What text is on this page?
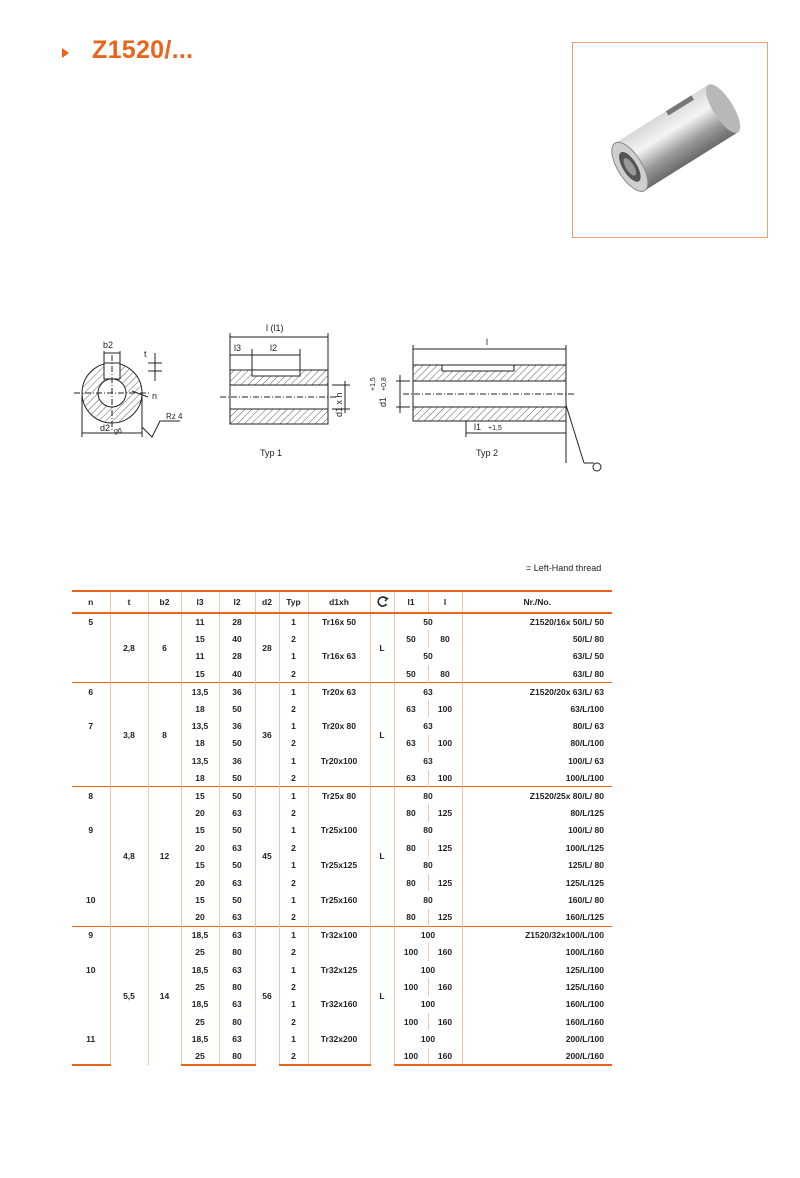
Z1520/...
b2
t
n
Rz 4
d2 g6
l (l1)
l3	l2
d1 x h
Typ 1
l
+1,5
d1
+0,8
l1 +1,5
Typ 2
= Left-Hand thread
n	t	b2	l3	l2	d2	Typ	d1xh		l1	l	Nr./No.
5	2,8	6	11	28	28	1	Tr16x 50	L	50		Z1520/16x 50/L/ 50
			15	40		2			50	80	50/L/ 80
			11	28		1	Tr16x 63		50		63/L/ 50
			15	40		2			50	80	63/L/ 80
6	3,8	8	13,5	36	36	1	Tr20x 63	L	63		Z1520/20x 63/L/ 63
			18	50		2			63	100	63/L/100
7			13,5	36		1	Tr20x 80		63		80/L/ 63
			18	50		2			63	100	80/L/100
			13,5	36		1	Tr20x100		63		100/L/ 63
			18	50		2			63	100	100/L/100
8	4,8	12	15	50	45	1	Tr25x 80	L	80		Z1520/25x 80/L/ 80
			20	63		2			80	125	80/L/125
9			15	50		1	Tr25x100		80		100/L/ 80
			20	63		2			80	125	100/L/125
			15	50		1	Tr25x125		80		125/L/ 80
			20	63		2			80	125	125/L/125
10			15	50		1	Tr25x160		80		160/L/ 80
			20	63		2			80	125	160/L/125
9	5,5	14	18,5	63	56	1	Tr32x100	L	100		Z1520/32x100/L/100
			25	80		2			100	160	100/L/160
10			18,5	63		1	Tr32x125		100		125/L/100
			25	80		2			100	160	125/L/160
			18,5	63		1	Tr32x160		100		160/L/100
			25	80		2			100	160	160/L/160
11			18,5	63		1	Tr32x200		100		200/L/100
			25	80		2			100	160	200/L/160
